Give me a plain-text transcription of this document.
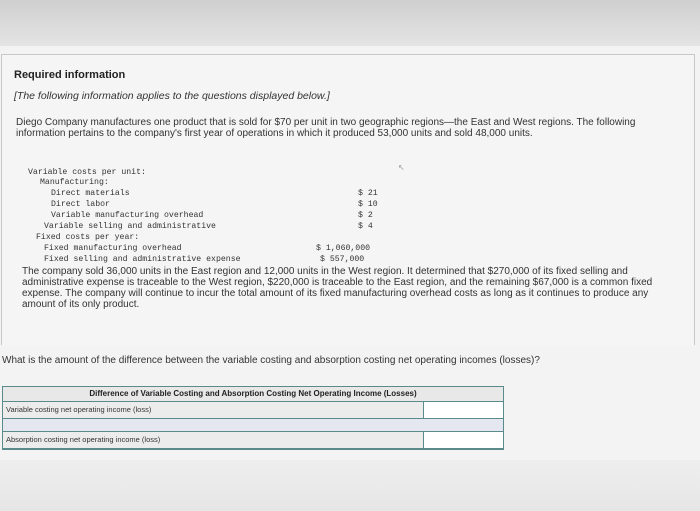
Required information
[The following information applies to the questions displayed below.]
Diego Company manufactures one product that is sold for $70 per unit in two geographic regions—the East and West regions. The following information pertains to the company's first year of operations in which it produced 53,000 units and sold 48,000 units.
↖
Variable costs per unit:
Manufacturing:
Direct materials	$ 21
Direct labor	$ 10
Variable manufacturing overhead	$ 2
Variable selling and administrative	$ 4
Fixed costs per year:
Fixed manufacturing overhead	$ 1,060,000
Fixed selling and administrative expense	$ 557,000
The company sold 36,000 units in the East region and 12,000 units in the West region. It determined that $270,000 of its fixed selling and administrative expense is traceable to the West region, $220,000 is traceable to the East region, and the remaining $67,000 is a common fixed expense. The company will continue to incur the total amount of its fixed manufacturing overhead costs as long as it continues to produce any amount of its only product.
What is the amount of the difference between the variable costing and absorption costing net operating incomes (losses)?
Difference of Variable Costing and Absorption Costing Net Operating Income (Losses)
Variable costing net operating income (loss)
Absorption costing net operating income (loss)
